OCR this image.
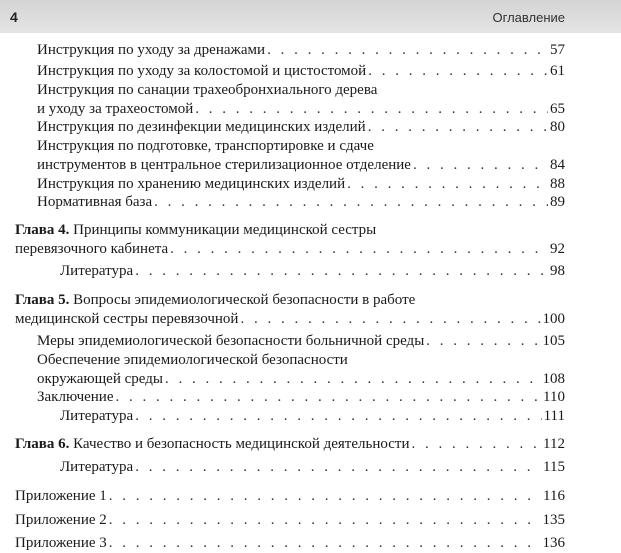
4	Оглавление
Инструкция по уходу за дренажами . . .	57
Инструкция по уходу за колостомой и цистостомой . . .	61
Инструкция по санации трахеобронхиального дерева
и уходу за трахеостомой . . .	65
Инструкция по дезинфекции медицинских изделий . . .	80
Инструкция по подготовке, транспортировке и сдаче
инструментов в центральное стерилизационное отделение . . .	84
Инструкция по хранению медицинских изделий . . .	88
Нормативная база . . .	89
Глава 4. Принципы коммуникации медицинской сестры
перевязочного кабинета . . .	92
Литература . . .	98
Глава 5. Вопросы эпидемиологической безопасности в работе
медицинской сестры перевязочной . . .	100
Меры эпидемиологической безопасности больничной среды . . .	105
Обеспечение эпидемиологической безопасности
окружающей среды . . .	108
Заключение . . .	110
Литература . . .	111
Глава 6. Качество и безопасность медицинской деятельности . . .	112
Литература . . .	115
Приложение 1 . . .	116
Приложение 2 . . .	135
Приложение 3 . . .	136
